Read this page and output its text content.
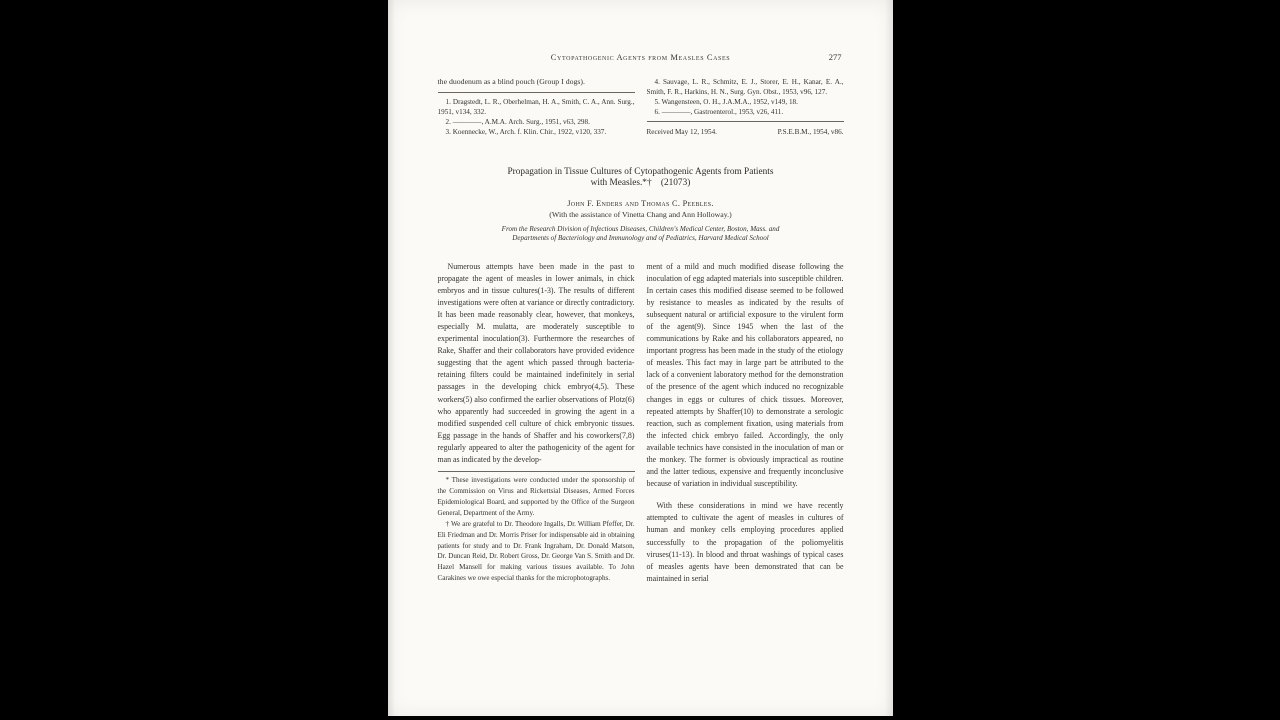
Cytopathogenic Agents from Measles Cases	277

the duodenum as a blind pouch (Group I dogs).

1. Dragstedt, L. R., Oberhelman, H. A., Smith, C. A., Ann. Surg., 1951, v134, 332.

2. ————, A.M.A. Arch. Surg., 1951, v63, 298.

3. Koennecke, W., Arch. f. Klin. Chir., 1922, v120, 337.

4. Sauvage, L. R., Schmitz, E. J., Storer, E. H., Kanar, E. A., Smith, F. R., Harkins, H. N., Surg. Gyn. Obst., 1953, v96, 127.

5. Wangensteen, O. H., J.A.M.A., 1952, v149, 18.

6. ————, Gastroenterol., 1953, v26, 411.

Received May 12, 1954.	P.S.E.B.M., 1954, v86.
Propagation in Tissue Cultures of Cytopathogenic Agents from Patients
with Measles.*† (21073)
John F. Enders and Thomas C. Peebles.
(With the assistance of Vinetta Chang and Ann Holloway.)
From the Research Division of Infectious Diseases, Children's Medical Center, Boston, Mass. and
Departments of Bacteriology and Immunology and of Pediatrics, Harvard Medical School

Numerous attempts have been made in the past to propagate the agent of measles in lower animals, in chick embryos and in tissue cultures(1-3). The results of different investigations were often at variance or directly contradictory. It has been made reasonably clear, however, that monkeys, especially M. mulatta, are moderately susceptible to experimental inoculation(3). Furthermore the researches of Rake, Shaffer and their collaborators have provided evidence suggesting that the agent which passed through bacteria-retaining filters could be maintained indefinitely in serial passages in the developing chick embryo(4,5). These workers(5) also confirmed the earlier observations of Plotz(6) who apparently had succeeded in growing the agent in a modified suspended cell culture of chick embryonic tissues. Egg passage in the hands of Shaffer and his coworkers(7,8) regularly appeared to alter the pathogenicity of the agent for man as indicated by the develop-

* These investigations were conducted under the sponsorship of the Commission on Virus and Rickettsial Diseases, Armed Forces Epidemiological Board, and supported by the Office of the Surgeon General, Department of the Army.

† We are grateful to Dr. Theodore Ingalls, Dr. William Pfeffer, Dr. Eli Friedman and Dr. Morris Priser for indispensable aid in obtaining patients for study and to Dr. Frank Ingraham, Dr. Donald Matson, Dr. Duncan Reid, Dr. Robert Gross, Dr. George Van S. Smith and Dr. Hazel Mansell for making various tissues available. To John Carakines we owe especial thanks for the microphotographs.

ment of a mild and much modified disease following the inoculation of egg adapted materials into susceptible children. In certain cases this modified disease seemed to be followed by resistance to measles as indicated by the results of subsequent natural or artificial exposure to the virulent form of the agent(9). Since 1945 when the last of the communications by Rake and his collaborators appeared, no important progress has been made in the study of the etiology of measles. This fact may in large part be attributed to the lack of a convenient laboratory method for the demonstration of the presence of the agent which induced no recognizable changes in eggs or cultures of chick tissues. Moreover, repeated attempts by Shaffer(10) to demonstrate a serologic reaction, such as complement fixation, using materials from the infected chick embryo failed. Accordingly, the only available technics have consisted in the inoculation of man or the monkey. The former is obviously impractical as routine and the latter tedious, expensive and frequently inconclusive because of variation in individual susceptibility.

With these considerations in mind we have recently attempted to cultivate the agent of measles in cultures of human and monkey cells employing procedures applied successfully to the propagation of the poliomyelitis viruses(11-13). In blood and throat washings of typical cases of measles agents have been demonstrated that can be maintained in serial
